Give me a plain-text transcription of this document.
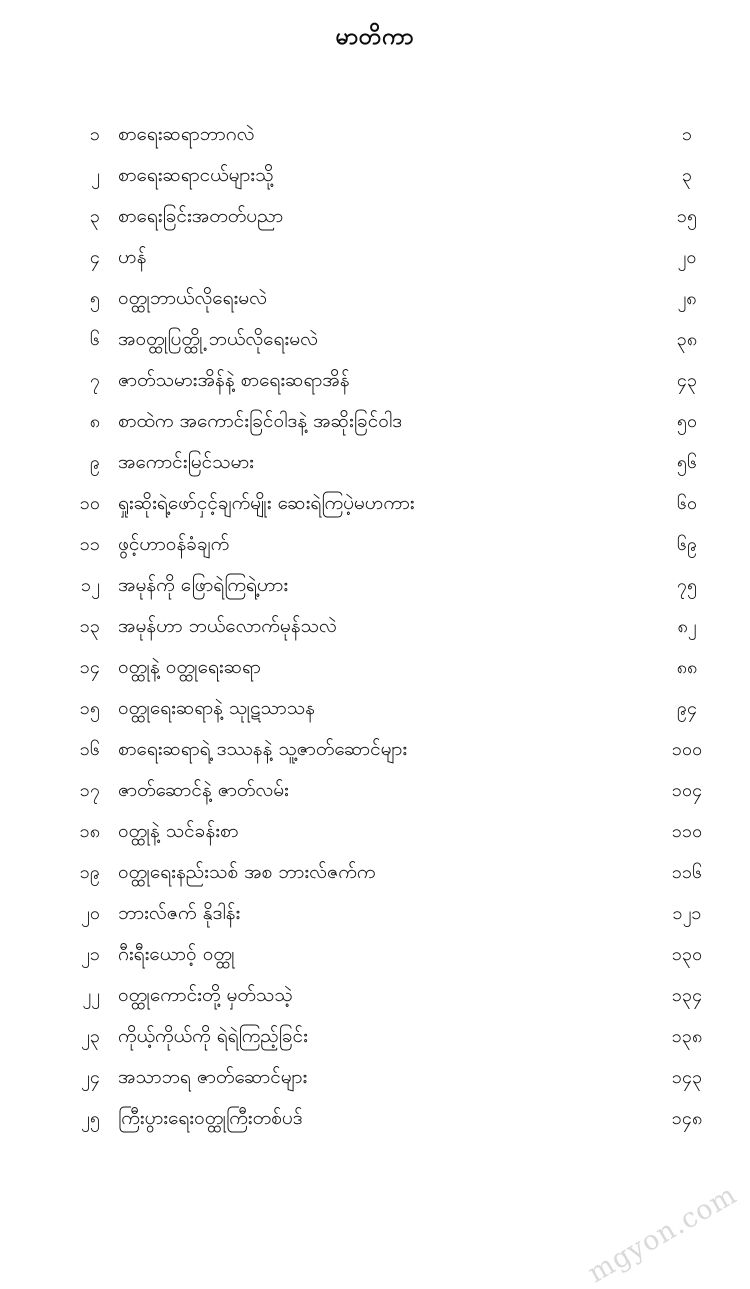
မာတိကာ
၁ စာရေးဆရာဘာဂလဲ	၁
၂ စာရေးဆရာငယ်များသို့	၃
၃ စာရေးခြင်းအတတ်ပညာ	၁၅
၄ ဟန်	၂၀
၅ ဝတ္ထုဘာယ်လိုရေးမလဲ	၂၈
၆ အဝတ္ထုပြတ္ထို့ ဘယ်လိုရေးမလဲ	၃၈
၇ ဇာတ်သမားအိန်နဲ့ စာရေးဆရာအိန်	၄၃
၈ စာထဲက အကောင်းခြင်ဝါဒနဲ့ အဆိုးခြင်ဝါဒ	၅၀
၉ အကောင်းမြင်သမား	၅၆
၁၀ ရှုးဆိုးရဲ့ဖော်ငှင့်ချက်မျိုး ဆေးရဲကြပဲ့မဟကား	၆၀
၁၁ ဖွင့်ဟာဝန်ခံချက်	၆၉
၁၂ အမုန်ကို ဖြောရဲကြရဲ့ဟား	၇၅
၁၃ အမုန်ဟာ ဘယ်လောက်မုန်သလဲ	၈၂
၁၄ ဝတ္ထုနဲ့ ဝတ္ထုရေးဆရာ	၈၈
၁၅ ဝတ္ထုရေးဆရာနဲ့ သုုဋသာသန	၉၄
၁၆ စာရေးဆရာရဲ့ ဒဿနနဲ့ သူ့ဇာတ်ဆောင်များ	၁၀၀
၁၇ ဇာတ်ဆောင်နဲ့ ဇာတ်လမ်း	၁၀၄
၁၈ ဝတ္ထုနဲ့ သင်ခန်းစာ	၁၁၀
၁၉ ဝတ္ထုရေးနည်းသစ် အစ ဘားလ်ဇက်က	၁၁၆
၂၀ ဘားလ်ဇက် နိုဒါန်း	၁၂၁
၂၁ ဂီးရီးယောဝ့် ဝတ္ထု	၁၃၀
၂၂ ဝတ္ထုကောင်းတို့ မှတ်သသဲ့	၁၃၄
၂၃ ကိုယ့်ကိုယ်ကို ရဲရဲကြည့်ခြင်း	၁၃၈
၂၄ အသာဘရ ဇာတ်ဆောင်များ	၁၄၃
၂၅ ကြီးပွားရေးဝတ္ထုကြီးတစ်ပဒ်	၁၄၈
mgyon.com
